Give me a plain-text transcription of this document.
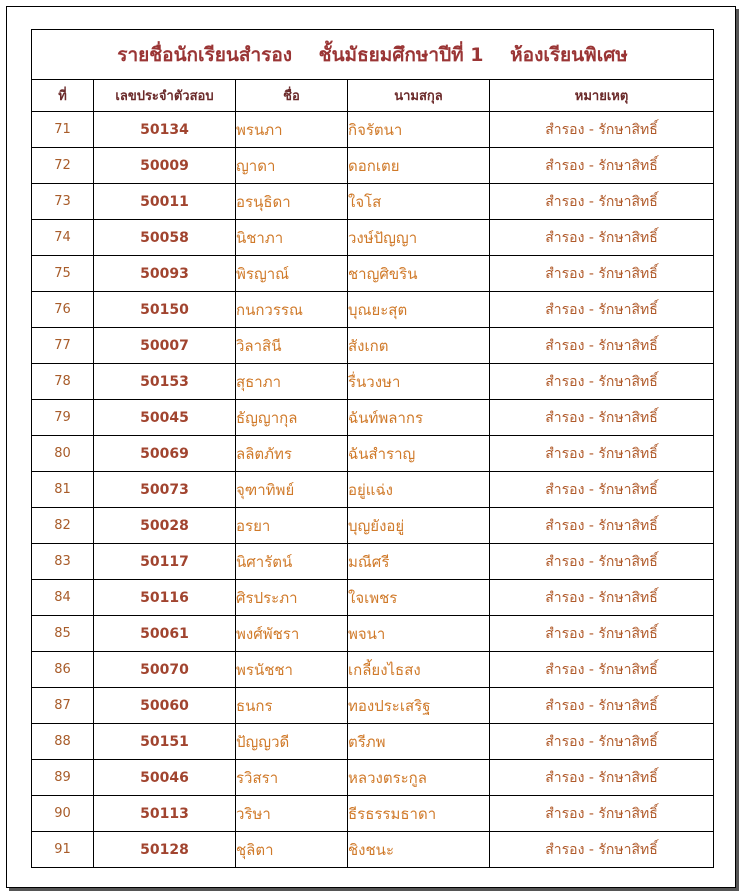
รายชื่อนักเรียนสำรอง ชั้นมัธยมศึกษาปีที่ 1 ห้องเรียนพิเศษ				
ที่	เลขประจำตัวสอบ	ชื่อ	นามสกุล	หมายเหตุ
71	50134	พรนภา	กิจรัตนา	สำรอง - รักษาสิทธิ์
72	50009	ญาดา	ดอกเตย	สำรอง - รักษาสิทธิ์
73	50011	อรนุธิดา	ใจโส	สำรอง - รักษาสิทธิ์
74	50058	นิชาภา	วงษ์ปัญญา	สำรอง - รักษาสิทธิ์
75	50093	พิรญาณ์	ชาญศิขริน	สำรอง - รักษาสิทธิ์
76	50150	กนกวรรณ	บุณยะสุต	สำรอง - รักษาสิทธิ์
77	50007	วิลาสินี	สังเกต	สำรอง - รักษาสิทธิ์
78	50153	สุธาภา	รื่นวงษา	สำรอง - รักษาสิทธิ์
79	50045	ธัญญากุล	ฉันท์พลากร	สำรอง - รักษาสิทธิ์
80	50069	ลลิตภัทร	ฉันสำราญ	สำรอง - รักษาสิทธิ์
81	50073	จุฑาทิพย์	อยู่แฉ่ง	สำรอง - รักษาสิทธิ์
82	50028	อรยา	บุญยังอยู่	สำรอง - รักษาสิทธิ์
83	50117	นิศารัตน์	มณีศรี	สำรอง - รักษาสิทธิ์
84	50116	ศิรประภา	ใจเพชร	สำรอง - รักษาสิทธิ์
85	50061	พงศ์พัชรา	พจนา	สำรอง - รักษาสิทธิ์
86	50070	พรนัชชา	เกลี้ยงไธสง	สำรอง - รักษาสิทธิ์
87	50060	ธนกร	ทองประเสริฐ	สำรอง - รักษาสิทธิ์
88	50151	ปัญญวดี	ตรีภพ	สำรอง - รักษาสิทธิ์
89	50046	รวิสรา	หลวงตระกูล	สำรอง - รักษาสิทธิ์
90	50113	วริษา	ธีรธรรมธาดา	สำรอง - รักษาสิทธิ์
91	50128	ชุลิตา	ชิงชนะ	สำรอง - รักษาสิทธิ์
